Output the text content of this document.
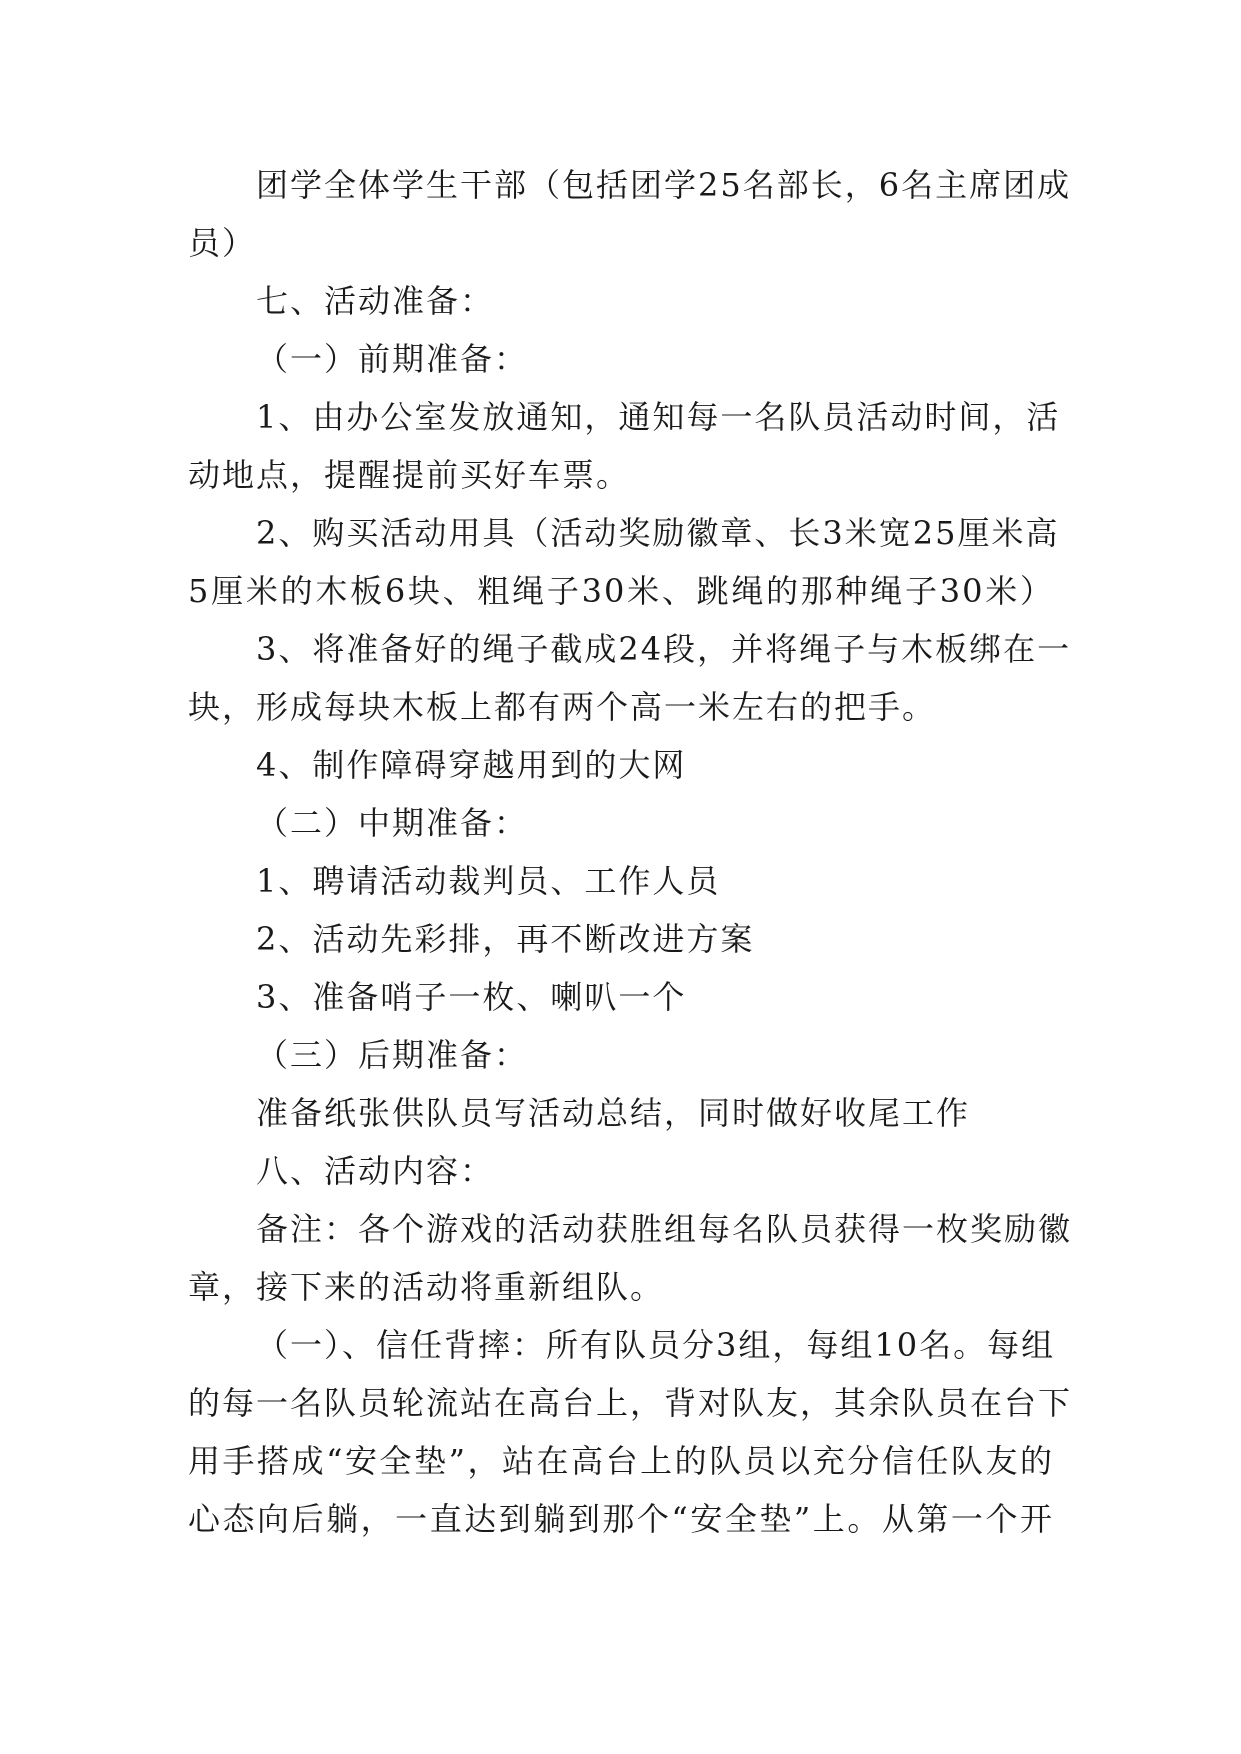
团学全体学生干部（包括团学25名部长，6名主席团成
员）
七、活动准备：
（一）前期准备：
1、由办公室发放通知，通知每一名队员活动时间，活
动地点，提醒提前买好车票。
2、购买活动用具（活动奖励徽章、长3米宽25厘米高
5厘米的木板6块、粗绳子30米、跳绳的那种绳子30米）
3、将准备好的绳子截成24段，并将绳子与木板绑在一
块，形成每块木板上都有两个高一米左右的把手。
4、制作障碍穿越用到的大网
（二）中期准备：
1、聘请活动裁判员、工作人员
2、活动先彩排，再不断改进方案
3、准备哨子一枚、喇叭一个
（三）后期准备：
准备纸张供队员写活动总结，同时做好收尾工作
八、活动内容：
备注：各个游戏的活动获胜组每名队员获得一枚奖励徽
章，接下来的活动将重新组队。
（一）、信任背摔：所有队员分3组，每组10名。每组
的每一名队员轮流站在高台上，背对队友，其余队员在台下
用手搭成“安全垫”，站在高台上的队员以充分信任队友的
心态向后躺，一直达到躺到那个“安全垫”上。从第一个开
